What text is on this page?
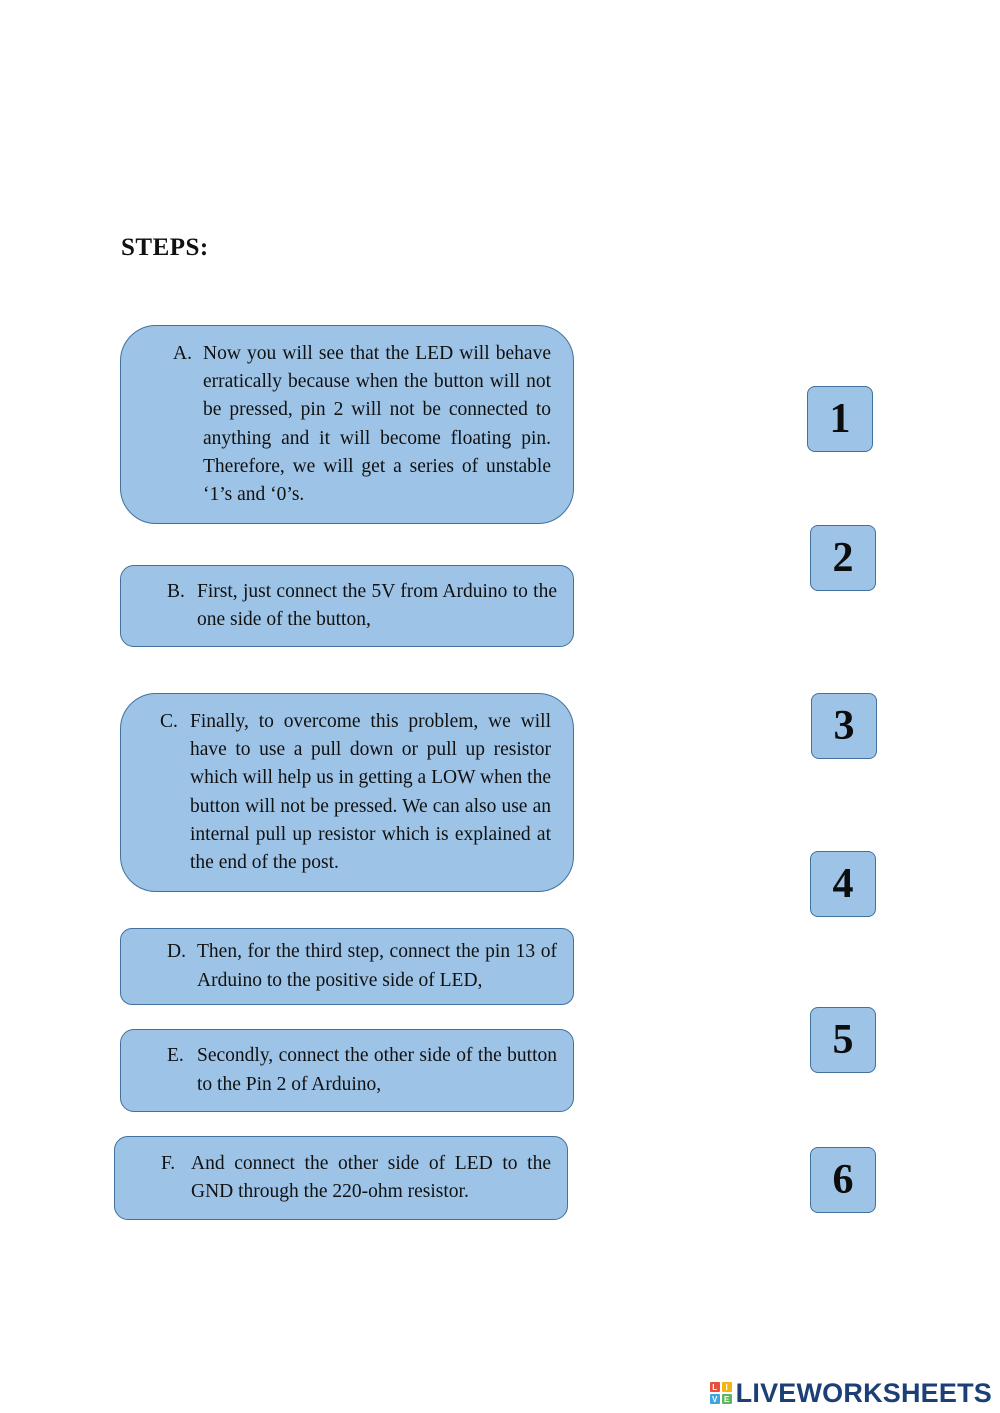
STEPS:
A. Now you will see that the LED will behave erratically because when the button will not be pressed, pin 2 will not be connected to anything and it will become floating pin. Therefore, we will get a series of unstable ‘1’s and ‘0’s.
B. First, just connect the 5V from Arduino to the one side of the button,
C. Finally, to overcome this problem, we will have to use a pull down or pull up resistor which will help us in getting a LOW when the button will not be pressed. We can also use an internal pull up resistor which is explained at the end of the post.
D. Then, for the third step, connect the pin 13 of Arduino to the positive side of LED,
E. Secondly, connect the other side of the button to the Pin 2 of Arduino,
F. And connect the other side of LED to the GND through the 220-ohm resistor.
1
2
3
4
5
6
L	I
V E LIVEWORKSHEETS
